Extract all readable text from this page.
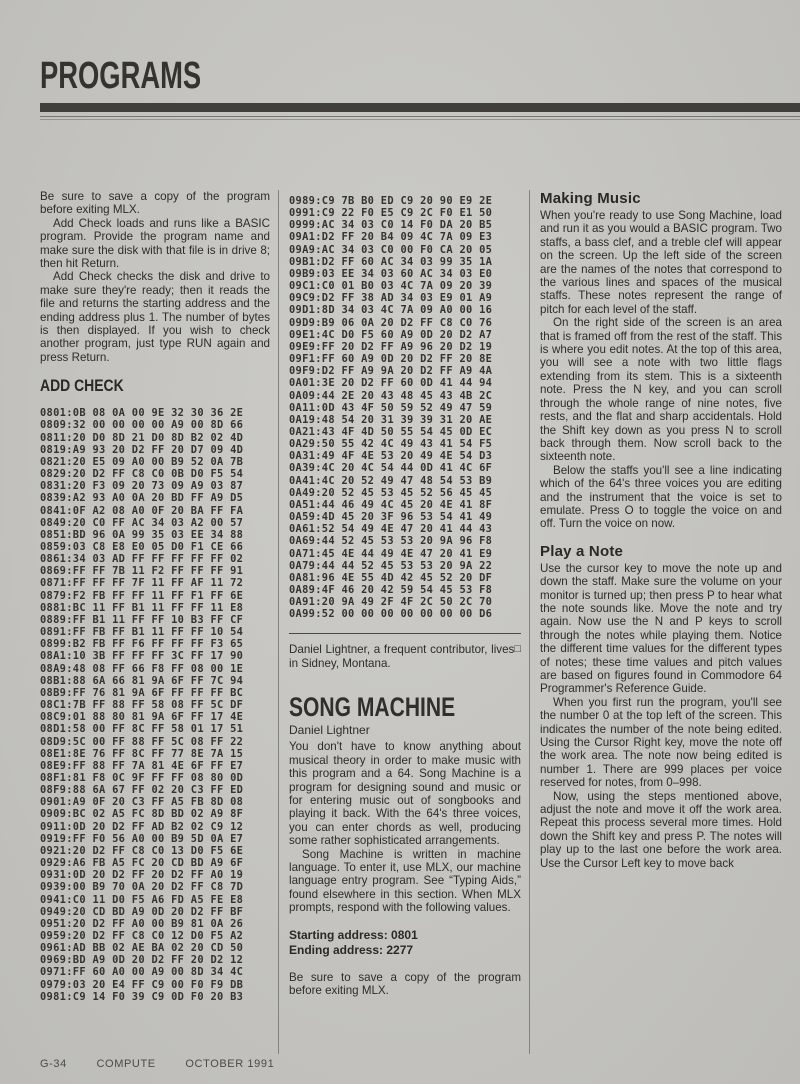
PROGRAMS

Be sure to save a copy of the program before exiting MLX.

Add Check loads and runs like a BASIC program. Provide the program name and make sure the disk with that file is in drive 8; then hit Return.

Add Check checks the disk and drive to make sure they're ready; then it reads the file and returns the starting address and the ending address plus 1. The number of bytes is then displayed. If you wish to check another program, just type RUN again and press Return.

ADD CHECK
0801:0B 08 0A 00 9E 32 30 36 2E
0809:32 00 00 00 00 A9 00 8D 66
0811:20 D0 8D 21 D0 8D B2 02 4D
0819:A9 93 20 D2 FF 20 D7 09 4D
0821:20 E5 09 A0 00 B9 52 0A 7B
0829:20 D2 FF C8 C0 0B D0 F5 54
0831:20 F3 09 20 73 09 A9 03 87
0839:A2 93 A0 0A 20 BD FF A9 D5
0841:0F A2 08 A0 0F 20 BA FF FA
0849:20 C0 FF AC 34 03 A2 00 57
0851:BD 96 0A 99 35 03 EE 34 88
0859:03 C8 E8 E0 05 D0 F1 CE 66
0861:34 03 AD FF FF FF FF FF 02
0869:FF FF 7B 11 F2 FF FF FF 91
0871:FF FF FF 7F 11 FF AF 11 72
0879:F2 FB FF FF 11 FF F1 FF 6E
0881:BC 11 FF B1 11 FF FF 11 E8
0889:FF B1 11 FF FF 10 B3 FF CF
0891:FF FB FF B1 11 FF FF 10 54
0899:B2 FB FF F6 FF FF FF F3 65
08A1:10 3B FF FF FF 3C FF 17 90
08A9:48 08 FF 66 F8 FF 08 00 1E
08B1:88 6A 66 81 9A 6F FF 7C 94
08B9:FF 76 81 9A 6F FF FF FF BC
08C1:7B FF 88 FF 58 08 FF 5C DF
08C9:01 88 80 81 9A 6F FF 17 4E
08D1:58 00 FF 8C FF 58 01 17 51
08D9:5C 00 FF 88 FF 5C 08 FF 22
08E1:8E 76 FF 8C FF 77 8E 7A 15
08E9:FF 88 FF 7A 81 4E 6F FF E7
08F1:81 F8 0C 9F FF FF 08 80 0D
08F9:88 6A 67 FF 02 20 C3 FF ED
0901:A9 0F 20 C3 FF A5 FB 8D 08
0909:BC 02 A5 FC 8D BD 02 A9 8F
0911:0D 20 D2 FF AD B2 02 C9 12
0919:FF F0 56 A0 00 B9 5D 0A E7
0921:20 D2 FF C8 C0 13 D0 F5 6E
0929:A6 FB A5 FC 20 CD BD A9 6F
0931:0D 20 D2 FF 20 D2 FF A0 19
0939:00 B9 70 0A 20 D2 FF C8 7D
0941:C0 11 D0 F5 A6 FD A5 FE E8
0949:20 CD BD A9 0D 20 D2 FF BF
0951:20 D2 FF A0 00 B9 81 0A 26
0959:20 D2 FF C8 C0 12 D0 F5 A2
0961:AD BB 02 AE BA 02 20 CD 50
0969:BD A9 0D 20 D2 FF 20 D2 12
0971:FF 60 A0 00 A9 00 8D 34 4C
0979:03 20 E4 FF C9 00 F0 F9 DB
0981:C9 14 F0 39 C9 0D F0 20 B3
0989:C9 7B B0 ED C9 20 90 E9 2E
0991:C9 22 F0 E5 C9 2C F0 E1 50
0999:AC 34 03 C0 14 F0 DA 20 B5
09A1:D2 FF 20 B4 09 4C 7A 09 E3
09A9:AC 34 03 C0 00 F0 CA 20 05
09B1:D2 FF 60 AC 34 03 99 35 1A
09B9:03 EE 34 03 60 AC 34 03 E0
09C1:C0 01 B0 03 4C 7A 09 20 39
09C9:D2 FF 38 AD 34 03 E9 01 A9
09D1:8D 34 03 4C 7A 09 A0 00 16
09D9:B9 06 0A 20 D2 FF C8 C0 76
09E1:4C D0 F5 60 A9 0D 20 D2 A7
09E9:FF 20 D2 FF A9 96 20 D2 19
09F1:FF 60 A9 0D 20 D2 FF 20 8E
09F9:D2 FF A9 9A 20 D2 FF A9 4A
0A01:3E 20 D2 FF 60 0D 41 44 94
0A09:44 2E 20 43 48 45 43 4B 2C
0A11:0D 43 4F 50 59 52 49 47 59
0A19:48 54 20 31 39 39 31 20 AE
0A21:43 4F 4D 50 55 54 45 0D EC
0A29:50 55 42 4C 49 43 41 54 F5
0A31:49 4F 4E 53 20 49 4E 54 D3
0A39:4C 20 4C 54 44 0D 41 4C 6F
0A41:4C 20 52 49 47 48 54 53 B9
0A49:20 52 45 53 45 52 56 45 45
0A51:44 46 49 4C 45 20 4E 41 8F
0A59:4D 45 20 3F 96 53 54 41 49
0A61:52 54 49 4E 47 20 41 44 43
0A69:44 52 45 53 53 20 9A 96 F8
0A71:45 4E 44 49 4E 47 20 41 E9
0A79:44 44 52 45 53 53 20 9A 22
0A81:96 4E 55 4D 42 45 52 20 DF
0A89:4F 46 20 42 59 54 45 53 F8
0A91:20 9A 49 2F 4F 2C 50 2C 70
0A99:52 00 00 00 00 00 00 00 D6
□
Daniel Lightner, a frequent contributor, lives in Sidney, Montana.
SONG MACHINE
Daniel Lightner

You don't have to know anything about musical theory in order to make music with this program and a 64. Song Machine is a program for designing sound and music or for entering music out of songbooks and playing it back. With the 64's three voices, you can enter chords as well, producing some rather sophisticated arrangements.

Song Machine is written in machine language. To enter it, use MLX, our machine language entry program. See “Typing Aids,” found elsewhere in this section. When MLX prompts, respond with the following values.

Starting address: 0801
Ending address: 2277

Be sure to save a copy of the program before exiting MLX.

Making Music

When you're ready to use Song Machine, load and run it as you would a BASIC program. Two staffs, a bass clef, and a treble clef will appear on the screen. Up the left side of the screen are the names of the notes that correspond to the various lines and spaces of the musical staffs. These notes represent the range of pitch for each level of the staff.

On the right side of the screen is an area that is framed off from the rest of the staff. This is where you edit notes. At the top of this area, you will see a note with two little flags extending from its stem. This is a sixteenth note. Press the N key, and you can scroll through the whole range of nine notes, five rests, and the flat and sharp accidentals. Hold the Shift key down as you press N to scroll back through them. Now scroll back to the sixteenth note.

Below the staffs you'll see a line indicating which of the 64's three voices you are editing and the instrument that the voice is set to emulate. Press O to toggle the voice on and off. Turn the voice on now.

Play a Note

Use the cursor key to move the note up and down the staff. Make sure the volume on your monitor is turned up; then press P to hear what the note sounds like. Move the note and try again. Now use the N and P keys to scroll through the notes while playing them. Notice the different time values for the different types of notes; these time values and pitch values are based on figures found in Commodore 64 Programmer's Reference Guide.

When you first run the program, you'll see the number 0 at the top left of the screen. This indicates the number of the note being edited. Using the Cursor Right key, move the note off the work area. The note now being edited is number 1. There are 999 places per voice reserved for notes, from 0–998.

Now, using the steps mentioned above, adjust the note and move it off the work area. Repeat this process several more times. Hold down the Shift key and press P. The notes will play up to the last one before the work area. Use the Cursor Left key to move back

G-34	COMPUTE	OCTOBER 1991
